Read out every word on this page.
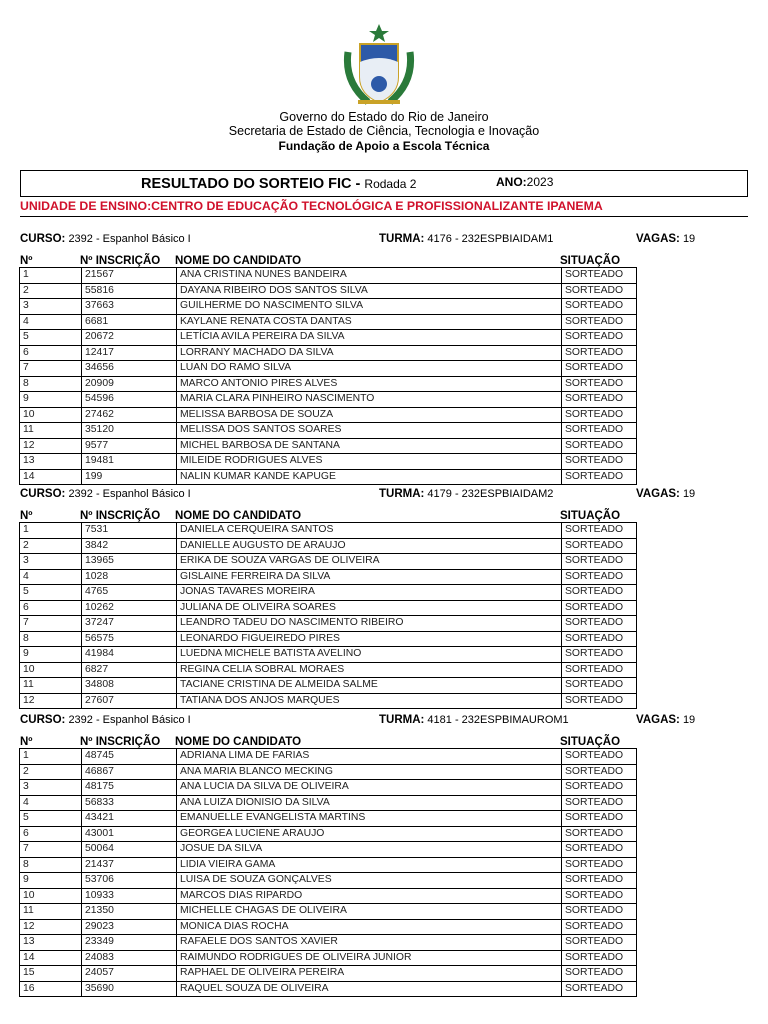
Governo do Estado do Rio de Janeiro
Secretaria de Estado de Ciência, Tecnologia e Inovação
Fundação de Apoio a Escola Técnica
RESULTADO DO SORTEIO FIC - Rodada 2	ANO:2023
UNIDADE DE ENSINO:CENTRO DE EDUCAÇÃO TECNOLÓGICA E PROFISSIONALIZANTE IPANEMA
CURSO: 2392 - Espanhol Básico I	TURMA: 4176 - 232ESPBIAIDAM1	VAGAS: 19
Nº	Nº INSCRIÇÃO NOME DO CANDIDATO	SITUAÇÃO
1	21567	ANA CRISTINA NUNES BANDEIRA	SORTEADO
2	55816	DAYANA RIBEIRO DOS SANTOS SILVA	SORTEADO
3	37663	GUILHERME DO NASCIMENTO SILVA	SORTEADO
4	6681	KAYLANE RENATA COSTA DANTAS	SORTEADO
5	20672	LETÍCIA AVILA PEREIRA DA SILVA	SORTEADO
6	12417	LORRANY MACHADO DA SILVA	SORTEADO
7	34656	LUAN DO RAMO SILVA	SORTEADO
8	20909	MARCO ANTONIO PIRES ALVES	SORTEADO
9	54596	MARIA CLARA PINHEIRO NASCIMENTO	SORTEADO
10	27462	MELISSA BARBOSA DE SOUZA	SORTEADO
11	35120	MELISSA DOS SANTOS SOARES	SORTEADO
12	9577	MICHEL BARBOSA DE SANTANA	SORTEADO
13	19481	MILEIDE RODRIGUES ALVES	SORTEADO
14	199	NALIN KUMAR KANDE KAPUGE	SORTEADO
CURSO: 2392 - Espanhol Básico I	TURMA: 4179 - 232ESPBIAIDAM2	VAGAS: 19
Nº	Nº INSCRIÇÃO NOME DO CANDIDATO	SITUAÇÃO
1	7531	DANIELA CERQUEIRA SANTOS	SORTEADO
2	3842	DANIELLE AUGUSTO DE ARAUJO	SORTEADO
3	13965	ERIKA DE SOUZA VARGAS DE OLIVEIRA	SORTEADO
4	1028	GISLAINE FERREIRA DA SILVA	SORTEADO
5	4765	JONAS TAVARES MOREIRA	SORTEADO
6	10262	JULIANA DE OLIVEIRA SOARES	SORTEADO
7	37247	LEANDRO TADEU DO NASCIMENTO RIBEIRO	SORTEADO
8	56575	LEONARDO FIGUEIREDO PIRES	SORTEADO
9	41984	LUEDNA MICHELE BATISTA AVELINO	SORTEADO
10	6827	REGINA CELIA SOBRAL MORAES	SORTEADO
11	34808	TACIANE CRISTINA DE ALMEIDA SALME	SORTEADO
12	27607	TATIANA DOS ANJOS MARQUES	SORTEADO
CURSO: 2392 - Espanhol Básico I	TURMA: 4181 - 232ESPBIMAUROM1	VAGAS: 19
Nº	Nº INSCRIÇÃO NOME DO CANDIDATO	SITUAÇÃO
1	48745	ADRIANA LIMA DE FARIAS	SORTEADO
2	46867	ANA MARIA BLANCO MECKING	SORTEADO
3	48175	ANA LUCIA DA SILVA DE OLIVEIRA	SORTEADO
4	56833	ANA LUIZA DIONISIO DA SILVA	SORTEADO
5	43421	EMANUELLE EVANGELISTA MARTINS	SORTEADO
6	43001	GEORGEA LUCIENE ARAUJO	SORTEADO
7	50064	JOSUE DA SILVA	SORTEADO
8	21437	LIDIA VIEIRA GAMA	SORTEADO
9	53706	LUISA DE SOUZA GONÇALVES	SORTEADO
10	10933	MARCOS DIAS RIPARDO	SORTEADO
11	21350	MICHELLE CHAGAS DE OLIVEIRA	SORTEADO
12	29023	MONICA DIAS ROCHA	SORTEADO
13	23349	RAFAELE DOS SANTOS XAVIER	SORTEADO
14	24083	RAIMUNDO RODRIGUES DE OLIVEIRA JUNIOR	SORTEADO
15	24057	RAPHAEL DE OLIVEIRA PEREIRA	SORTEADO
16	35690	RAQUEL SOUZA DE OLIVEIRA	SORTEADO
